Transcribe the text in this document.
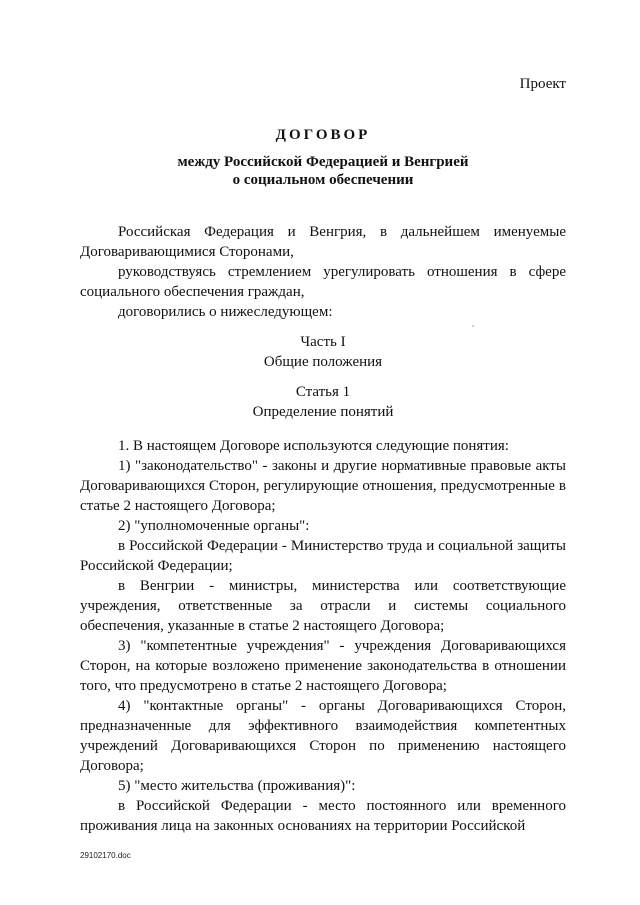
Проект
ДОГОВОР
между Российской Федерацией и Венгрией
о социальном обеспечении

Российская Федерация и Венгрия, в дальнейшем именуемые Договаривающимися Сторонами,

руководствуясь стремлением урегулировать отношения в сфере социального обеспечения граждан,

договорились о нижеследующем:

Часть I

Общие положения

Статья 1

Определение понятий

1. В настоящем Договоре используются следующие понятия:

1) "законодательство" - законы и другие нормативные правовые акты Договаривающихся Сторон, регулирующие отношения, предусмотренные в статье 2 настоящего Договора;

2) "уполномоченные органы":

в Российской Федерации - Министерство труда и социальной защиты Российской Федерации;

в Венгрии - министры, министерства или соответствующие учреждения, ответственные за отрасли и системы социального обеспечения, указанные в статье 2 настоящего Договора;

3) "компетентные учреждения" - учреждения Договаривающихся Сторон, на которые возложено применение законодательства в отношении того, что предусмотрено в статье 2 настоящего Договора;

4) "контактные органы" - органы Договаривающихся Сторон, предназначенные для эффективного взаимодействия компетентных учреждений Договаривающихся Сторон по применению настоящего Договора;

5) "место жительства (проживания)":

в Российской Федерации - место постоянного или временного проживания лица на законных основаниях на территории Российской

29102170.doc
